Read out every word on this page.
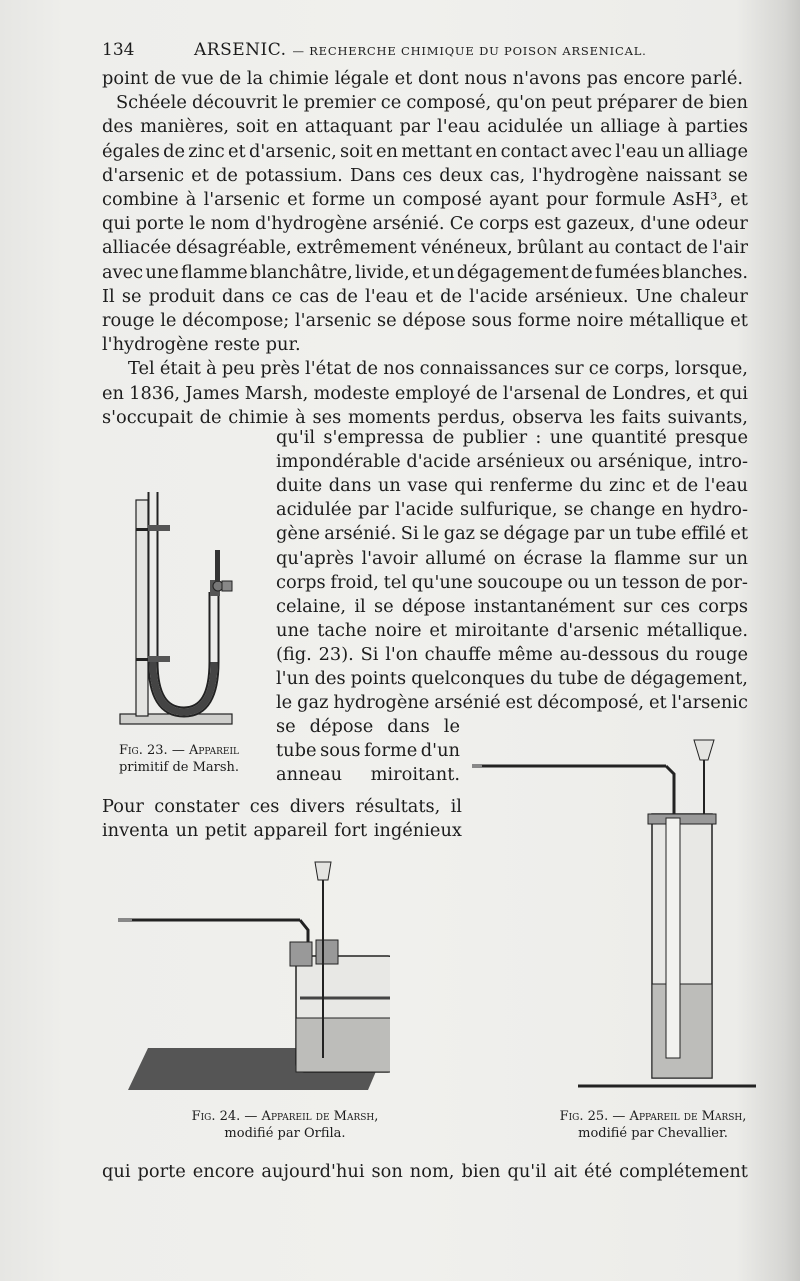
134	ARSENIC. — RECHERCHE CHIMIQUE DU POISON ARSENICAL.
point de vue de la chimie légale et dont nous n'avons pas encore parlé.
Schéele découvrit le premier ce composé, qu'on peut préparer de bien
des manières, soit en attaquant par l'eau acidulée un alliage à parties
égales de zinc et d'arsenic, soit en mettant en contact avec l'eau un alliage
d'arsenic et de potassium. Dans ces deux cas, l'hydrogène naissant se
combine à l'arsenic et forme un composé ayant pour formule AsH³, et
qui porte le nom d'hydrogène arsénié. Ce corps est gazeux, d'une odeur
alliacée désagréable, extrêmement vénéneux, brûlant au contact de l'air
avec une flamme blanchâtre, livide, et un dégagement de fumées blanches.
Il se produit dans ce cas de l'eau et de l'acide arsénieux. Une chaleur
rouge le décompose; l'arsenic se dépose sous forme noire métallique et
l'hydrogène reste pur.
Tel était à peu près l'état de nos connaissances sur ce corps, lorsque,
en 1836, James Marsh, modeste employé de l'arsenal de Londres, et qui
s'occupait de chimie à ses moments perdus, observa les faits suivants,
qu'il s'empressa de publier : une quantité presque
impondérable d'acide arsénieux ou arsénique, intro-
duite dans un vase qui renferme du zinc et de l'eau
acidulée par l'acide sulfurique, se change en hydro-
gène arsénié. Si le gaz se dégage par un tube effilé et
qu'après l'avoir allumé on écrase la flamme sur un
corps froid, tel qu'une soucoupe ou un tesson de por-
celaine, il se dépose instantanément sur ces corps
une tache noire et miroitante d'arsenic métallique.
(fig. 23). Si l'on chauffe même au-dessous du rouge
l'un des points quelconques du tube de dégagement,
le gaz hydrogène arsénié est décomposé, et l'arsenic
se dépose dans le
tube sous forme d'un
anneau miroitant.
Pour constater ces divers résultats, il
inventa un petit appareil fort ingénieux
qui porte encore aujourd'hui son nom, bien qu'il ait été complétement
Fig. 23. — Appareil
primitif de Marsh.
Fig. 24. — Appareil de Marsh,
modifié par Orfila.
Fig. 25. — Appareil de Marsh,
modifié par Chevallier.
